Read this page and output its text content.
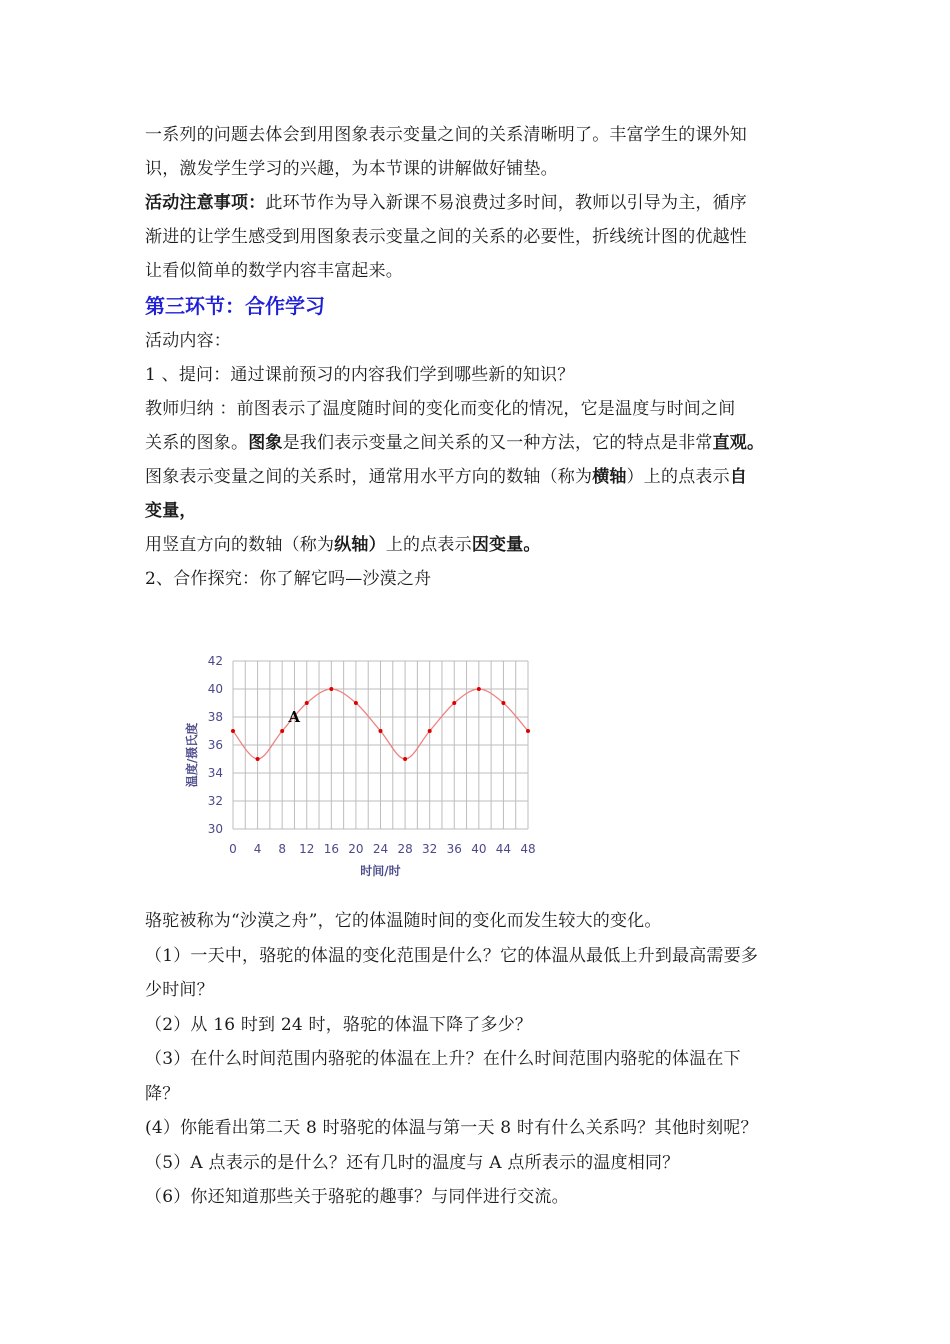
一系列的问题去体会到用图象表示变量之间的关系清晰明了。丰富学生的课外知
识，激发学生学习的兴趣，为本节课的讲解做好铺垫。
活动注意事项：此环节作为导入新课不易浪费过多时间，教师以引导为主，循序
渐进的让学生感受到用图象表示变量之间的关系的必要性，折线统计图的优越性
让看似简单的数学内容丰富起来。
第三环节：合作学习
活动内容：
1 、提问：通过课前预习的内容我们学到哪些新的知识？
教师归纳 ：前图表示了温度随时间的变化而变化的情况，它是温度与时间之间
关系的图象。图象是我们表示变量之间关系的又一种方法，它的特点是非常直观。
图象表示变量之间的关系时，通常用水平方向的数轴（称为横轴）上的点表示自
变量，
用竖直方向的数轴（称为纵轴）上的点表示因变量。
2、合作探究：你了解它吗—沙漠之舟
30
32
34
36
38
40
42
0 4 8 12 16 20 24 28 32 36 40 44 48
时间/时
温度/摄氏度
A
骆驼被称为“沙漠之舟”，它的体温随时间的变化而发生较大的变化。
（1）一天中，骆驼的体温的变化范围是什么？它的体温从最低上升到最高需要多
少时间？
（2）从 16 时到 24 时，骆驼的体温下降了多少？
（3）在什么时间范围内骆驼的体温在上升？在什么时间范围内骆驼的体温在下
降？
(4）你能看出第二天 8 时骆驼的体温与第一天 8 时有什么关系吗？其他时刻呢？
（5）A 点表示的是什么？还有几时的温度与 A 点所表示的温度相同？
（6）你还知道那些关于骆驼的趣事？与同伴进行交流。
